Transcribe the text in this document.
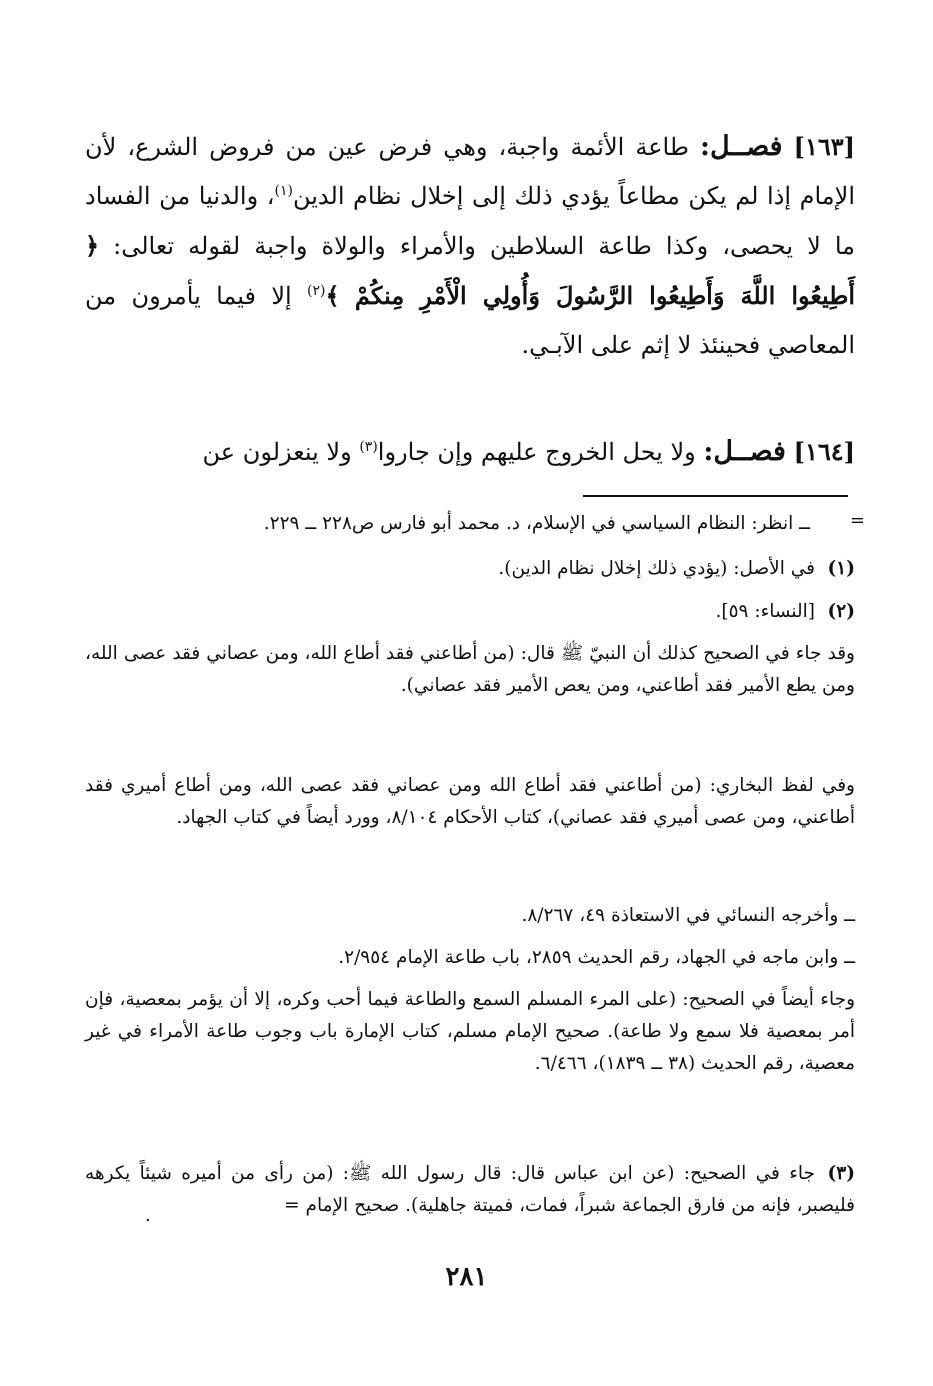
[١٦٣] فصــل: طاعة الأئمة واجبة، وهي فرض عين من فروض الشرع، لأن الإمام إذا لم يكن مطاعاً يؤدي ذلك إلى إخلال نظام الدين$^{(١)}$، والدنيا من الفساد ما لا يحصى، وكذا طاعة السلاطين والأمراء والولاة واجبة لقوله تعالى: ﴿ أَطِيعُوا اللَّهَ وَأَطِيعُوا الرَّسُولَ وَأُولِي الْأَمْرِ مِنكُمْ ﴾$^{(٢)}$ إلا فيما يأمرون من المعاصي فحينئذ لا إثم على الآبـي.
[١٦٤] فصــل: ولا يحل الخروج عليهم وإن جاروا$^{(٣)}$ ولا ينعزلون عن
=
ــ انظر: النظام السياسي في الإسلام، د. محمد أبو فارس ص٢٢٨ ــ ٢٢٩.
(١)في الأصل: (يؤدي ذلك إخلال نظام الدين).
(٢)[النساء: ٥٩].
وقد جاء في الصحيح كذلك أن النبيّ ﷺ قال: (من أطاعني فقد أطاع الله، ومن عصاني فقد عصى الله، ومن يطع الأمير فقد أطاعني، ومن يعص الأمير فقد عصاني).
وفي لفظ البخاري: (من أطاعني فقد أطاع الله ومن عصاني فقد عصى الله، ومن أطاع أميري فقد أطاعني، ومن عصى أميري فقد عصاني)، كتاب الأحكام ٨/١٠٤، وورد أيضاً في كتاب الجهاد.
ــ وأخرجه النسائي في الاستعاذة ٤٩، ٨/٢٦٧.
ــ وابن ماجه في الجهاد، رقم الحديث ٢٨٥٩، باب طاعة الإمام ٢/٩٥٤.
وجاء أيضاً في الصحيح: (على المرء المسلم السمع والطاعة فيما أحب وكره، إلا أن يؤمر بمعصية، فإن أمر بمعصية فلا سمع ولا طاعة). صحيح الإمام مسلم، كتاب الإمارة باب وجوب طاعة الأمراء في غير معصية، رقم الحديث (٣٨ ــ ١٨٣٩)، ٦/٤٦٦.
(٣)جاء في الصحيح: (عن ابن عباس قال: قال رسول الله ﷺ: (من رأى من أميره شيئاً يكرهه فليصبر، فإنه من فارق الجماعة شبراً، فمات، فميتة جاهلية). صحيح الإمام =
.
٢٨١
